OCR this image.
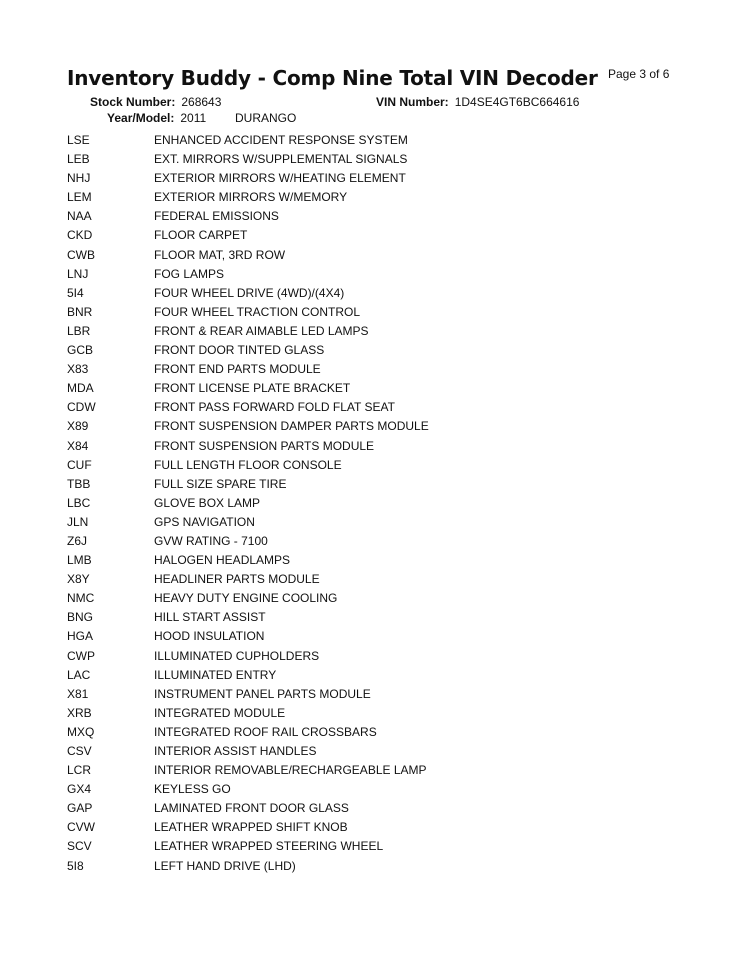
Inventory Buddy - Comp Nine Total VIN Decoder Page 3 of 6
Stock Number: 268643	VIN Number: 1D4SE4GT6BC664616
Year/Model: 2011 DURANGO
LSE	ENHANCED ACCIDENT RESPONSE SYSTEM
LEB	EXT. MIRRORS W/SUPPLEMENTAL SIGNALS
NHJ	EXTERIOR MIRRORS W/HEATING ELEMENT
LEM	EXTERIOR MIRRORS W/MEMORY
NAA	FEDERAL EMISSIONS
CKD	FLOOR CARPET
CWB	FLOOR MAT, 3RD ROW
LNJ	FOG LAMPS
5I4	FOUR WHEEL DRIVE (4WD)/(4X4)
BNR	FOUR WHEEL TRACTION CONTROL
LBR	FRONT & REAR AIMABLE LED LAMPS
GCB	FRONT DOOR TINTED GLASS
X83	FRONT END PARTS MODULE
MDA	FRONT LICENSE PLATE BRACKET
CDW	FRONT PASS FORWARD FOLD FLAT SEAT
X89	FRONT SUSPENSION DAMPER PARTS MODULE
X84	FRONT SUSPENSION PARTS MODULE
CUF	FULL LENGTH FLOOR CONSOLE
TBB	FULL SIZE SPARE TIRE
LBC	GLOVE BOX LAMP
JLN	GPS NAVIGATION
Z6J	GVW RATING - 7100
LMB	HALOGEN HEADLAMPS
X8Y	HEADLINER PARTS MODULE
NMC	HEAVY DUTY ENGINE COOLING
BNG	HILL START ASSIST
HGA	HOOD INSULATION
CWP	ILLUMINATED CUPHOLDERS
LAC	ILLUMINATED ENTRY
X81	INSTRUMENT PANEL PARTS MODULE
XRB	INTEGRATED MODULE
MXQ	INTEGRATED ROOF RAIL CROSSBARS
CSV	INTERIOR ASSIST HANDLES
LCR	INTERIOR REMOVABLE/RECHARGEABLE LAMP
GX4	KEYLESS GO
GAP	LAMINATED FRONT DOOR GLASS
CVW	LEATHER WRAPPED SHIFT KNOB
SCV	LEATHER WRAPPED STEERING WHEEL
5I8	LEFT HAND DRIVE (LHD)
